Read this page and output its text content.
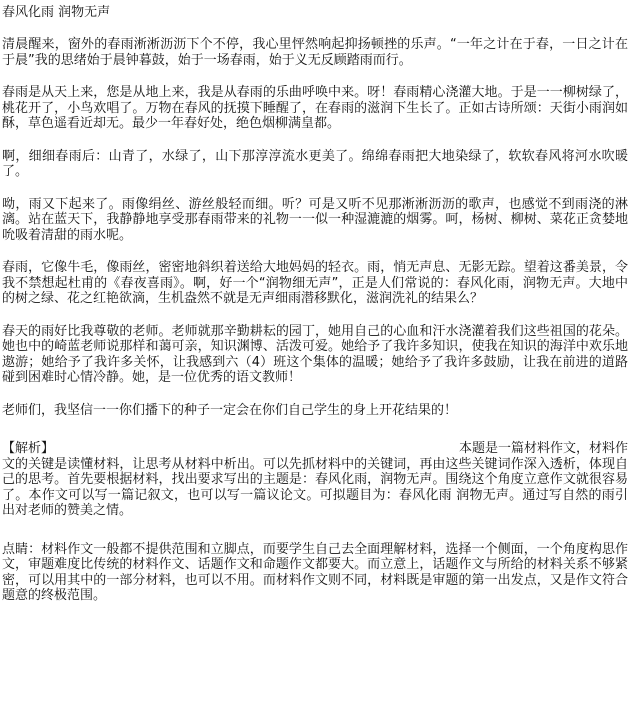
春风化雨 润物无声

清晨醒来，窗外的春雨淅淅沥沥下个不停，我心里怦然响起抑扬顿挫的乐声。“一年之计在于春，一日之计在于晨”我的思绪始于晨钟暮鼓，始于一场春雨，始于义无反顾踏雨而行。

春雨是从天上来，您是从地上来，我是从春雨的乐曲呼唤中来。呀！春雨精心浇灌大地。于是一一柳树绿了，桃花开了，小鸟欢唱了。万物在春风的抚摸下睡醒了，在春雨的滋润下生长了。正如古诗所颂：天街小雨润如酥，草色遥看近却无。最少一年春好处，绝色烟柳满皇都。

啊，细细春雨后：山青了，水绿了，山下那淳淳流水更美了。绵绵春雨把大地染绿了，软软春风将河水吹暖了。

呦，雨又下起来了。雨像绢丝、游丝般轻而细。听？可是又听不见那淅淅沥沥的歌声，也感觉不到雨浇的淋漓。站在蓝天下，我静静地享受那春雨带来的礼物一一似一种湿漉漉的烟雾。呵，杨树、柳树、菜花正贪婪地吮吸着清甜的雨水呢。

春雨，它像牛毛，像雨丝，密密地斜织着送给大地妈妈的轻衣。雨，悄无声息、无影无踪。望着这番美景，令我不禁想起杜甫的《春夜喜雨》。啊，好一个“润物细无声”，正是人们常说的：春风化雨，润物无声。大地中的树之绿、花之红艳欲滴，生机盎然不就是无声细雨潜移默化，滋润洗礼的结果么？

春天的雨好比我尊敬的老师。老师就那辛勤耕耘的园丁，她用自己的心血和汗水浇灌着我们这些祖国的花朵。她也中的崎蓝老师说那样和蔼可亲，知识渊博、活泼可爱。她给予了我许多知识，使我在知识的海洋中欢乐地遨游；她给予了我许多关怀，让我感到六（4）班这个集体的温暖；她给予了我许多鼓励，让我在前进的道路碰到困难时心情冷静。她，是一位优秀的语文教师！

老师们，我坚信一一你们播下的种子一定会在你们自己学生的身上开花结果的！

【解析】	本题是一篇材料作文，材料作

文的关键是读懂材料，让思考从材料中析出。可以先抓材料中的关键词，再由这些关键词作深入透析，体现自己的思考。首先要根据材料，找出要求写出的主题是：春风化雨，润物无声。围绕这个角度立意作文就很容易了。本作文可以写一篇记叙文，也可以写一篇议论文。可拟题目为：春风化雨 润物无声。通过写自然的雨引出对老师的赞美之情。

点睛：材料作文一般都不提供范围和立脚点，而要学生自己去全面理解材料，选择一个侧面，一个角度构思作文，审题难度比传统的材料作文、话题作文和命题作文都要大。而立意上，话题作文与所给的材料关系不够紧密，可以用其中的一部分材料，也可以不用。而材料作文则不同，材料既是审题的第一出发点，又是作文符合题意的终极范围。
